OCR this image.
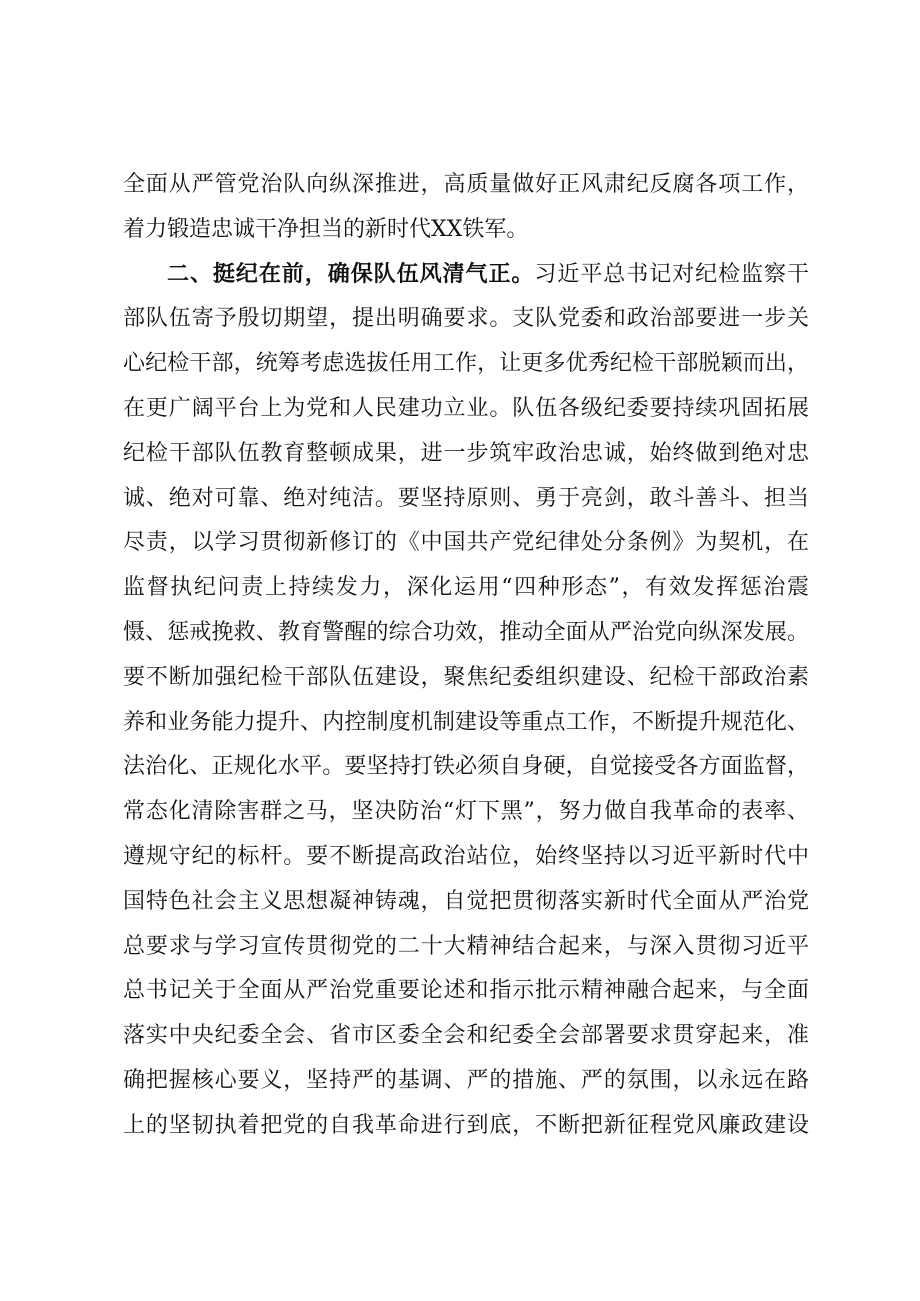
全面从严管党治队向纵深推进，高质量做好正风肃纪反腐各项工作，
着力锻造忠诚干净担当的新时代XX铁军。
二、挺纪在前，确保队伍风清气正。习近平总书记对纪检监察干
部队伍寄予殷切期望，提出明确要求。支队党委和政治部要进一步关
心纪检干部，统筹考虑选拔任用工作，让更多优秀纪检干部脱颖而出，
在更广阔平台上为党和人民建功立业。队伍各级纪委要持续巩固拓展
纪检干部队伍教育整顿成果，进一步筑牢政治忠诚，始终做到绝对忠
诚、绝对可靠、绝对纯洁。要坚持原则、勇于亮剑，敢斗善斗、担当
尽责，以学习贯彻新修订的《中国共产党纪律处分条例》为契机，在
监督执纪问责上持续发力，深化运用“四种形态”，有效发挥惩治震
慑、惩戒挽救、教育警醒的综合功效，推动全面从严治党向纵深发展。
要不断加强纪检干部队伍建设，聚焦纪委组织建设、纪检干部政治素
养和业务能力提升、内控制度机制建设等重点工作，不断提升规范化、
法治化、正规化水平。要坚持打铁必须自身硬，自觉接受各方面监督，
常态化清除害群之马，坚决防治“灯下黑”，努力做自我革命的表率、
遵规守纪的标杆。要不断提高政治站位，始终坚持以习近平新时代中
国特色社会主义思想凝神铸魂，自觉把贯彻落实新时代全面从严治党
总要求与学习宣传贯彻党的二十大精神结合起来，与深入贯彻习近平
总书记关于全面从严治党重要论述和指示批示精神融合起来，与全面
落实中央纪委全会、省市区委全会和纪委全会部署要求贯穿起来，准
确把握核心要义，坚持严的基调、严的措施、严的氛围，以永远在路
上的坚韧执着把党的自我革命进行到底，不断把新征程党风廉政建设
